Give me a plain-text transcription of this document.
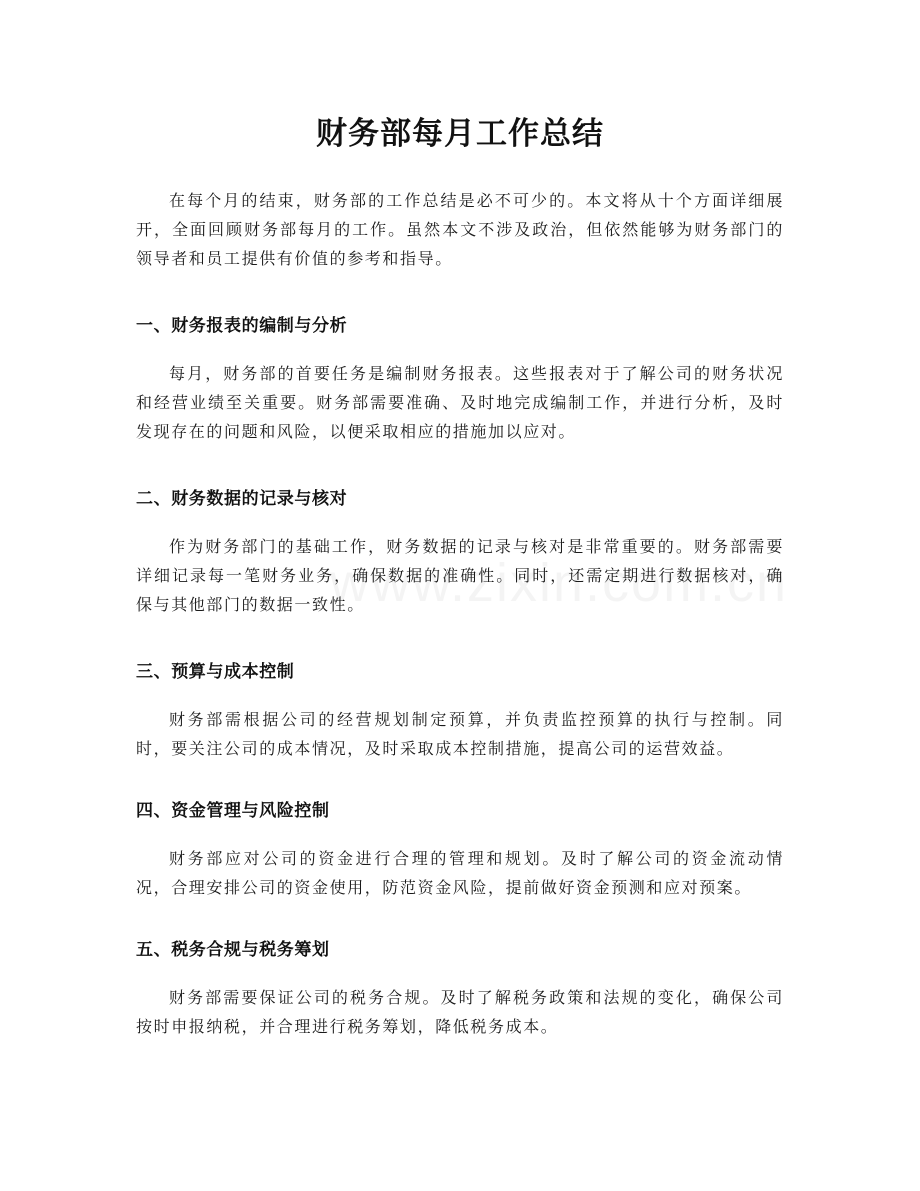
财务部每月工作总结

在每个月的结束，财务部的工作总结是必不可少的。本文将从十个方面详细展开，全面回顾财务部每月的工作。虽然本文不涉及政治，但依然能够为财务部门的领导者和员工提供有价值的参考和指导。

一、财务报表的编制与分析

每月，财务部的首要任务是编制财务报表。这些报表对于了解公司的财务状况和经营业绩至关重要。财务部需要准确、及时地完成编制工作，并进行分析，及时发现存在的问题和风险，以便采取相应的措施加以应对。

二、财务数据的记录与核对

作为财务部门的基础工作，财务数据的记录与核对是非常重要的。财务部需要详细记录每一笔财务业务，确保数据的准确性。同时，还需定期进行数据核对，确保与其他部门的数据一致性。

三、预算与成本控制

财务部需根据公司的经营规划制定预算，并负责监控预算的执行与控制。同时，要关注公司的成本情况，及时采取成本控制措施，提高公司的运营效益。

四、资金管理与风险控制

财务部应对公司的资金进行合理的管理和规划。及时了解公司的资金流动情况，合理安排公司的资金使用，防范资金风险，提前做好资金预测和应对预案。

五、税务合规与税务筹划

财务部需要保证公司的税务合规。及时了解税务政策和法规的变化，确保公司按时申报纳税，并合理进行税务筹划，降低税务成本。
